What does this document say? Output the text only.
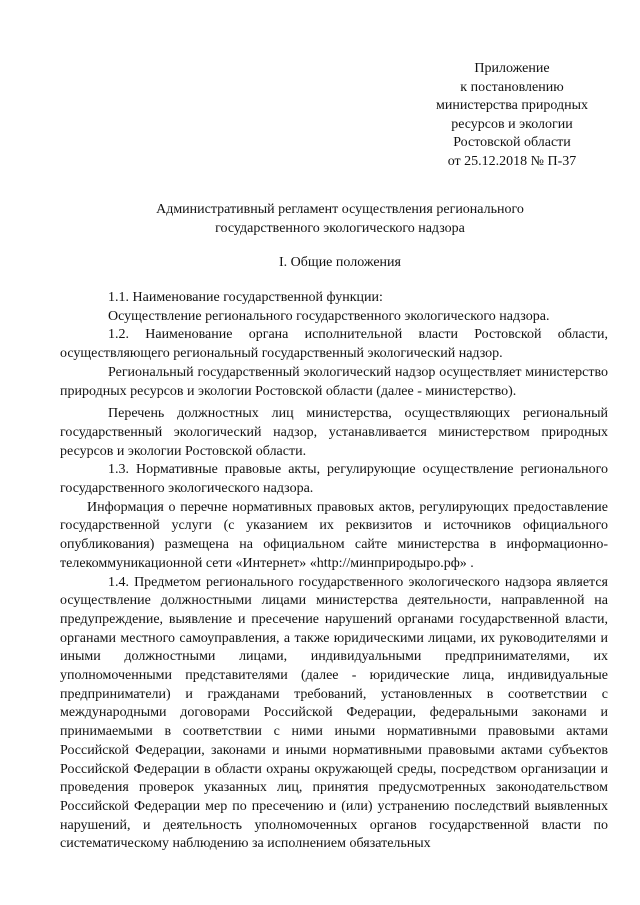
Приложение
к постановлению
министерства природных
ресурсов и экологии
Ростовской области
от 25.12.2018 № П-37
Административный регламент осуществления регионального
государственного экологического надзора
I. Общие положения

1.1. Наименование государственной функции:

Осуществление регионального государственного экологического надзора.

1.2. Наименование органа исполнительной власти Ростовской области, осуществляющего региональный государственный экологический надзор.

Региональный государственный экологический надзор осуществляет министерство природных ресурсов и экологии Ростовской области (далее - министерство).

Перечень должностных лиц министерства, осуществляющих региональный государственный экологический надзор, устанавливается министерством природных ресурсов и экологии Ростовской области.

1.3. Нормативные правовые акты, регулирующие осуществление регионального государственного экологического надзора.

Информация о перечне нормативных правовых актов, регулирующих предоставление государственной услуги (с указанием их реквизитов и источников официального опубликования) размещена на официальном сайте министерства в информационно-телекоммуникационной сети «Интернет» «http://минприродыро.рф» .

1.4. Предметом регионального государственного экологического надзора является осуществление должностными лицами министерства деятельности, направленной на предупреждение, выявление и пресечение нарушений органами государственной власти, органами местного самоуправления, а также юридическими лицами, их руководителями и иными должностными лицами, индивидуальными предпринимателями, их уполномоченными представителями (далее - юридические лица, индивидуальные предприниматели) и гражданами требований, установленных в соответствии с международными договорами Российской Федерации, федеральными законами и принимаемыми в соответствии с ними иными нормативными правовыми актами Российской Федерации, законами и иными нормативными правовыми актами субъектов Российской Федерации в области охраны окружающей среды, посредством организации и проведения проверок указанных лиц, принятия предусмотренных законодательством Российской Федерации мер по пресечению и (или) устранению последствий выявленных нарушений, и деятельность уполномоченных органов государственной власти по систематическому наблюдению за исполнением обязательных
